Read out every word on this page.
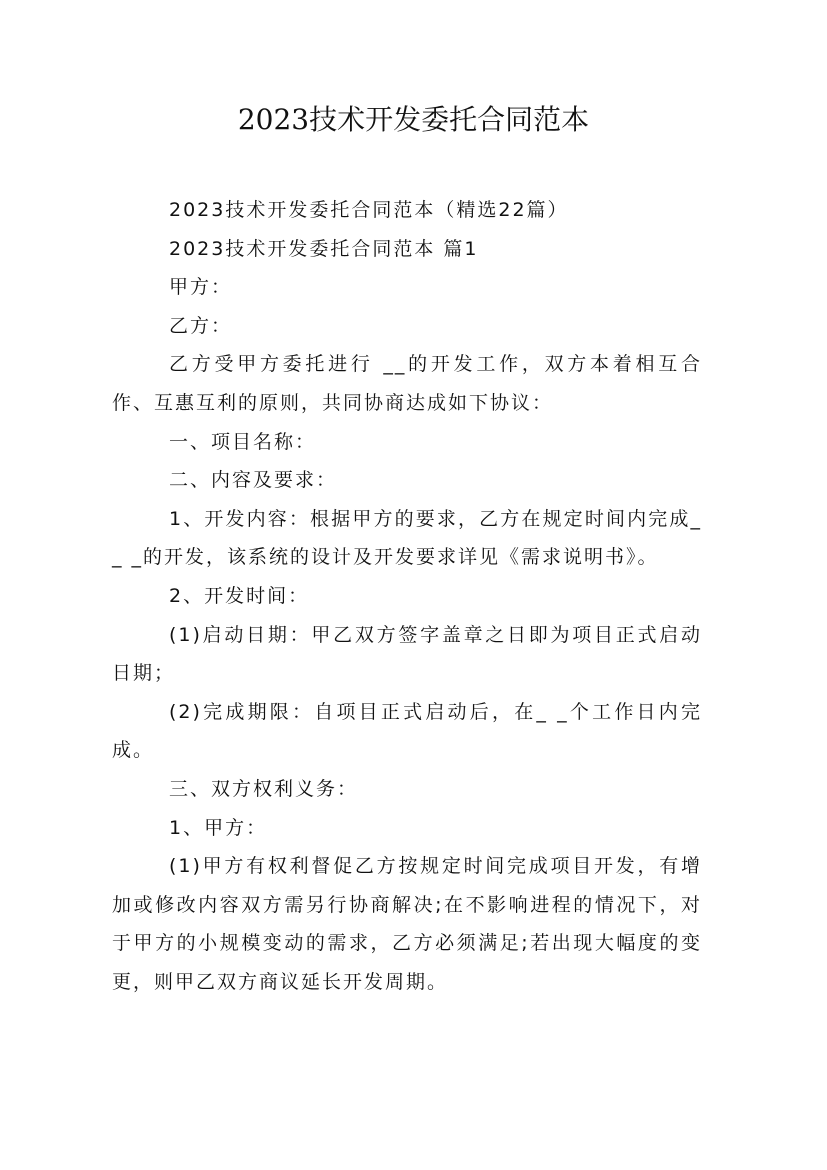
2023技术开发委托合同范本

2023技术开发委托合同范本（精选22篇）

2023技术开发委托合同范本 篇1

甲方：

乙方：

乙方受甲方委托进行 __的开发工作，双方本着相互合作、互惠互利的原则，共同协商达成如下协议：

一、项目名称：

二、内容及要求：

1、开发内容：根据甲方的要求，乙方在规定时间内完成__ _的开发，该系统的设计及开发要求详见《需求说明书》。

2、开发时间：

(1)启动日期：甲乙双方签字盖章之日即为项目正式启动日期；

(2)完成期限：自项目正式启动后，在_ _个工作日内完成。

三、双方权利义务：

1、甲方：

(1)甲方有权利督促乙方按规定时间完成项目开发，有增加或修改内容双方需另行协商解决;在不影响进程的情况下，对于甲方的小规模变动的需求，乙方必须满足;若出现大幅度的变更，则甲乙双方商议延长开发周期。
